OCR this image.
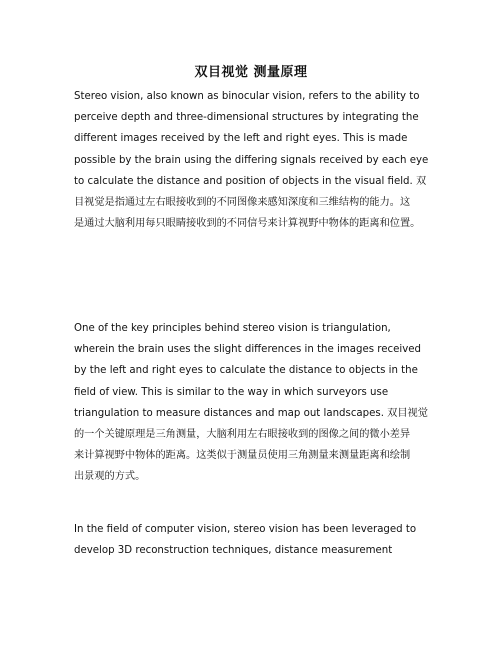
双目视觉 测量原理
Stereo vision, also known as binocular vision, refers to the ability to
perceive depth and three-dimensional structures by integrating the
different images received by the left and right eyes. This is made
possible by the brain using the differing signals received by each eye
to calculate the distance and position of objects in the visual field. 双
目视觉是指通过左右眼接收到的不同图像来感知深度和三维结构的能力。这
是通过大脑利用每只眼睛接收到的不同信号来计算视野中物体的距离和位置。
One of the key principles behind stereo vision is triangulation,
wherein the brain uses the slight differences in the images received
by the left and right eyes to calculate the distance to objects in the
field of view. This is similar to the way in which surveyors use
triangulation to measure distances and map out landscapes. 双目视觉
的一个关键原理是三角测量，大脑利用左右眼接收到的图像之间的微小差异
来计算视野中物体的距离。这类似于测量员使用三角测量来测量距离和绘制
出景观的方式。
In the field of computer vision, stereo vision has been leveraged to
develop 3D reconstruction techniques, distance measurement
